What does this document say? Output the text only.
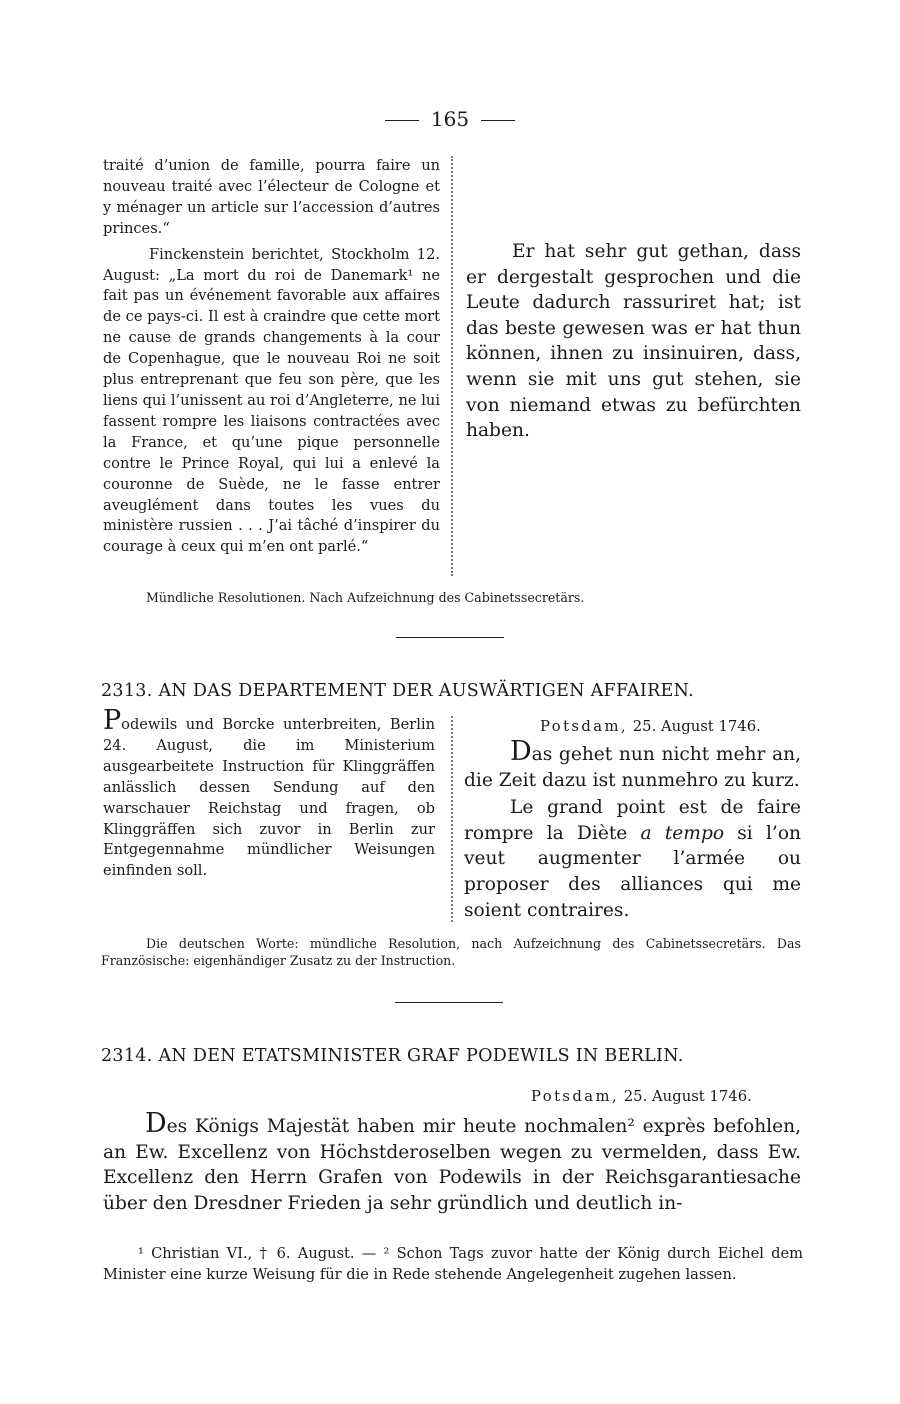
165

traité d’union de famille, pourra faire un nouveau traité avec l’électeur de Cologne et y ménager un article sur l’accession d’autres princes.“

Finckenstein berichtet, Stockholm 12. August: „La mort du roi de Danemark¹ ne fait pas un événement favorable aux affaires de ce pays-ci. Il est à craindre que cette mort ne cause de grands changements à la cour de Copenhague, que le nouveau Roi ne soit plus entreprenant que feu son père, que les liens qui l’unissent au roi d’Angleterre, ne lui fassent rompre les liaisons contractées avec la France, et qu’une pique personnelle contre le Prince Royal, qui lui a enlevé la couronne de Suède, ne le fasse entrer aveuglément dans toutes les vues du ministère russien . . . J’ai tâché d’inspirer du courage à ceux qui m’en ont parlé.“

Er hat sehr gut gethan, dass er dergestalt gesprochen und die Leute dadurch rassuriret hat; ist das beste gewesen was er hat thun können, ihnen zu insinuiren, dass, wenn sie mit uns gut stehen, sie von niemand etwas zu befürchten haben.

Mündliche Resolutionen. Nach Aufzeichnung des Cabinetssecretärs.
2313. AN DAS DEPARTEMENT DER AUSWÄRTIGEN AFFAIREN.

Podewils und Borcke unterbreiten, Berlin 24. August, die im Ministerium ausgearbeitete Instruction für Klinggräffen anlässlich dessen Sendung auf den warschauer Reichstag und fragen, ob Klinggräffen sich zuvor in Berlin zur Entgegennahme mündlicher Weisungen einfinden soll.

Potsdam, 25. August 1746.

Das gehet nun nicht mehr an, die Zeit dazu ist nunmehro zu kurz.

Le grand point est de faire rompre la Diète a tempo si l’on veut augmenter l’armée ou proposer des alliances qui me soient contraires.

Die deutschen Worte: mündliche Resolution, nach Aufzeichnung des Cabinetssecretärs. Das Französische: eigenhändiger Zusatz zu der Instruction.
2314. AN DEN ETATSMINISTER GRAF PODEWILS IN BERLIN.
Potsdam, 25. August 1746.

Des Königs Majestät haben mir heute nochmalen² exprès befohlen, an Ew. Excellenz von Höchstderoselben wegen zu vermelden, dass Ew. Excellenz den Herrn Grafen von Podewils in der Reichsgarantiesache über den Dresdner Frieden ja sehr gründlich und deutlich in-

¹ Christian VI., † 6. August. — ² Schon Tags zuvor hatte der König durch Eichel dem Minister eine kurze Weisung für die in Rede stehende Angelegenheit zugehen lassen.
